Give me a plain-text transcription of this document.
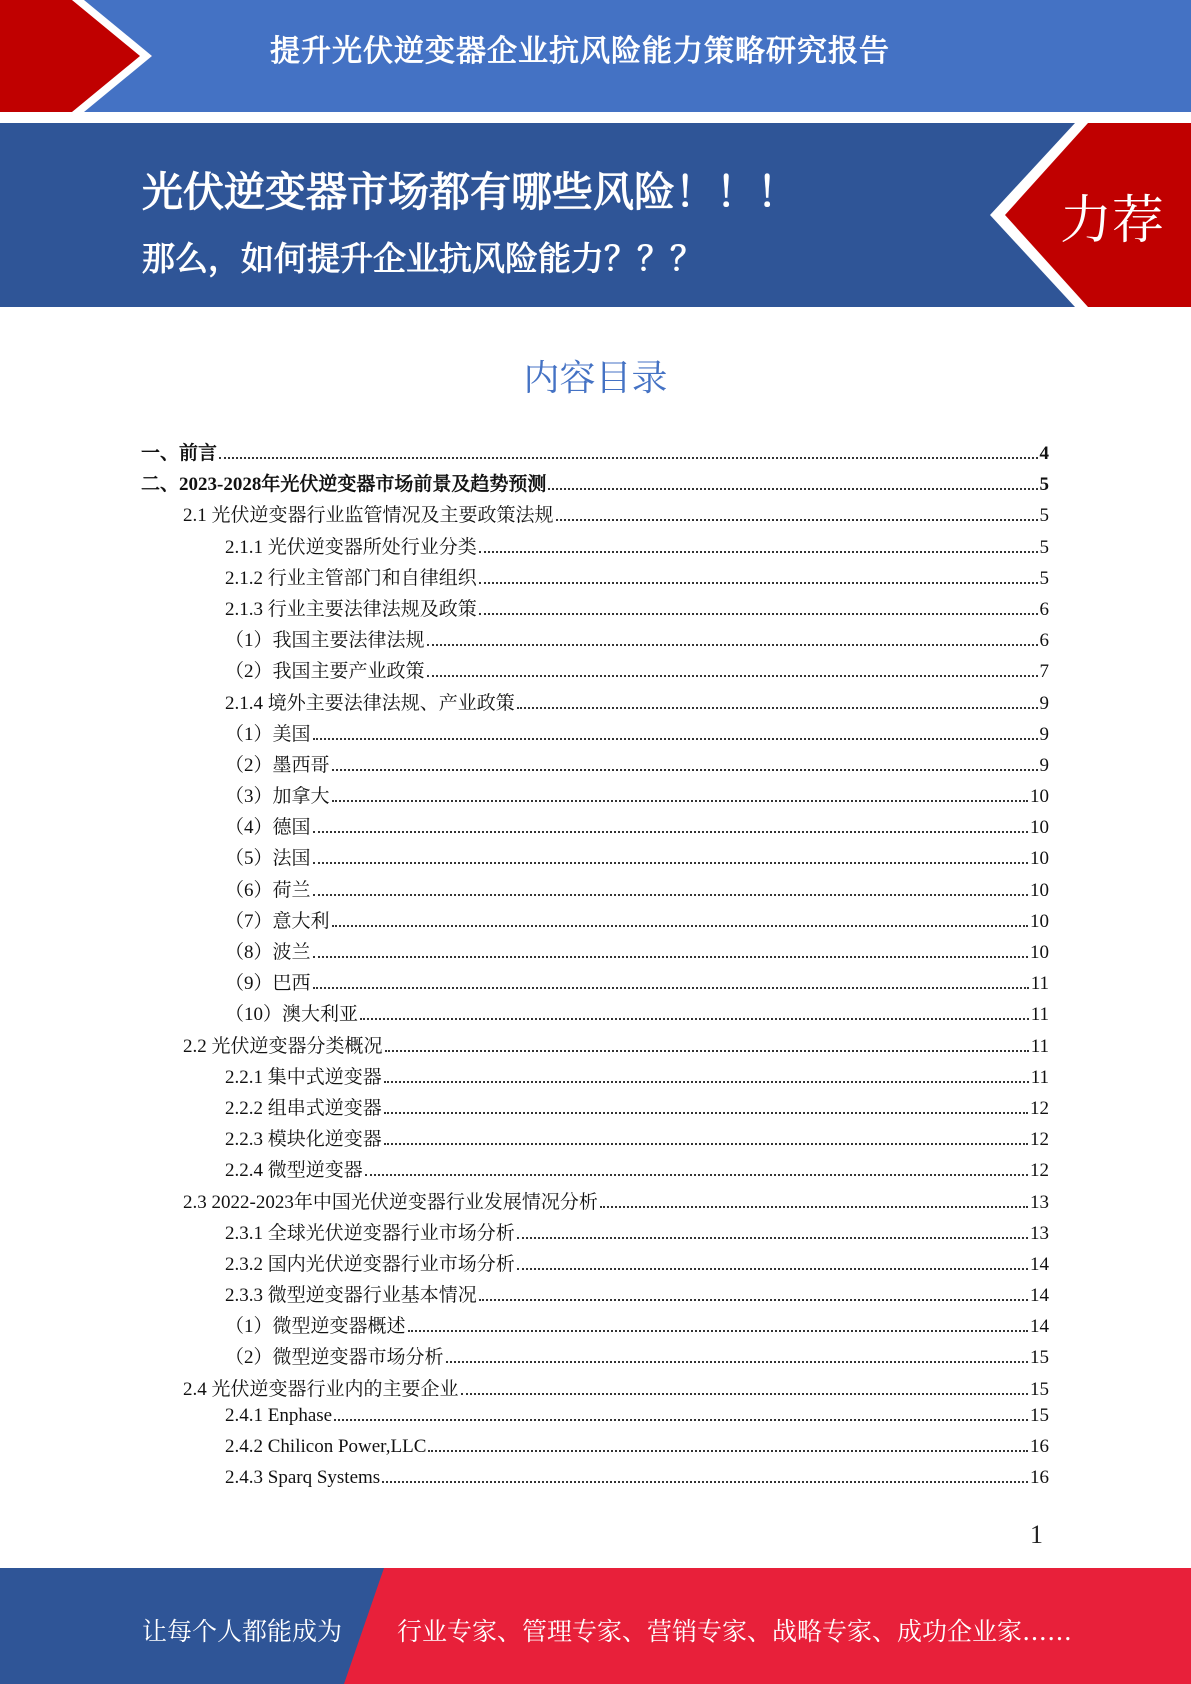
提升光伏逆变器企业抗风险能力策略研究报告
光伏逆变器市场都有哪些风险！！！
那么，如何提升企业抗风险能力？？？
力荐
内容目录
一、前言	4
二、2023-2028年光伏逆变器市场前景及趋势预测	5
2.1 光伏逆变器行业监管情况及主要政策法规	5
2.1.1 光伏逆变器所处行业分类	5
2.1.2 行业主管部门和自律组织	5
2.1.3 行业主要法律法规及政策	6
（1）我国主要法律法规	6
（2）我国主要产业政策	7
2.1.4 境外主要法律法规、产业政策	9
（1）美国	9
（2）墨西哥	9
（3）加拿大	10
（4）德国	10
（5）法国	10
（6）荷兰	10
（7）意大利	10
（8）波兰	10
（9）巴西	11
（10）澳大利亚	11
2.2 光伏逆变器分类概况	11
2.2.1 集中式逆变器	11
2.2.2 组串式逆变器	12
2.2.3 模块化逆变器	12
2.2.4 微型逆变器	12
2.3 2022-2023年中国光伏逆变器行业发展情况分析	13
2.3.1 全球光伏逆变器行业市场分析	13
2.3.2 国内光伏逆变器行业市场分析	14
2.3.3 微型逆变器行业基本情况	14
（1）微型逆变器概述	14
（2）微型逆变器市场分析	15
2.4 光伏逆变器行业内的主要企业	15
2.4.1 Enphase	15
2.4.2 Chilicon Power,LLC	16
2.4.3 Sparq Systems	16
1
让每个人都能成为 行业专家、管理专家、营销专家、战略专家、成功企业家……
